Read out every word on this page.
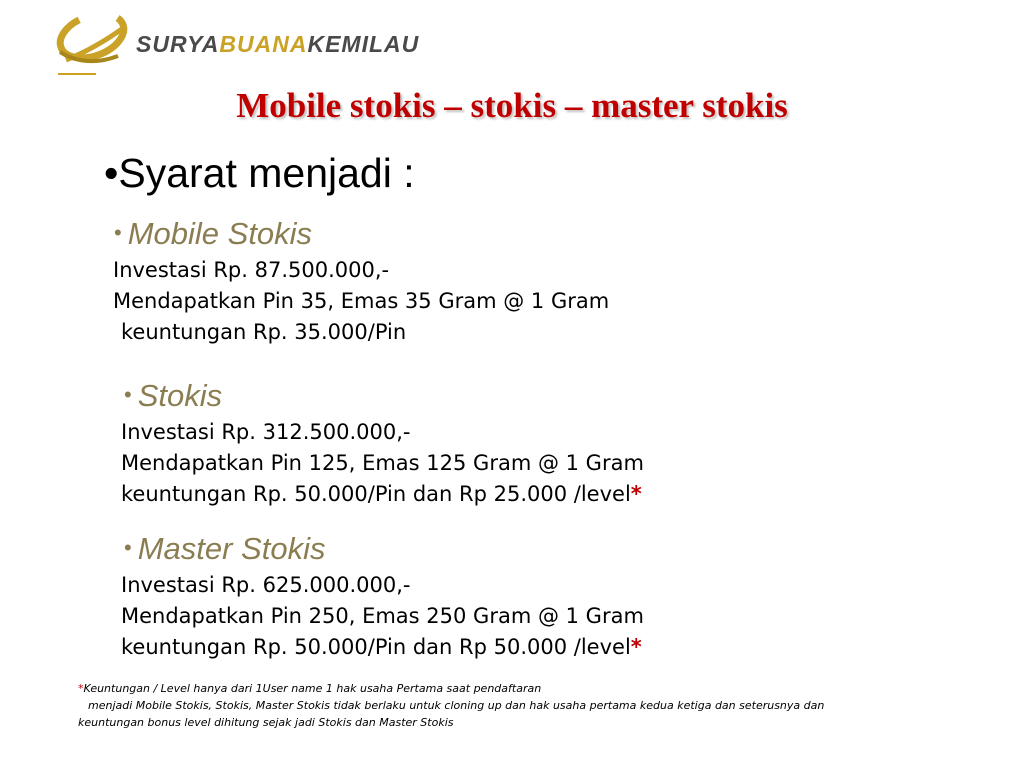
SURYABUANAKEMILAU
Mobile stokis – stokis – master stokis
•Syarat menjadi :
• Mobile Stokis
Investasi Rp. 87.500.000,-
Mendapatkan Pin 35, Emas 35 Gram @ 1 Gram
keuntungan Rp. 35.000/Pin
• Stokis
Investasi Rp. 312.500.000,-
Mendapatkan Pin 125, Emas 125 Gram @ 1 Gram
keuntungan Rp. 50.000/Pin dan Rp 25.000 /level*
• Master Stokis
Investasi Rp. 625.000.000,-
Mendapatkan Pin 250, Emas 250 Gram @ 1 Gram
keuntungan Rp. 50.000/Pin dan Rp 50.000 /level*
*Keuntungan / Level hanya dari 1User name 1 hak usaha Pertama saat pendaftaran
menjadi Mobile Stokis, Stokis, Master Stokis tidak berlaku untuk cloning up dan hak usaha pertama kedua ketiga dan seterusnya dan
keuntungan bonus level dihitung sejak jadi Stokis dan Master Stokis
